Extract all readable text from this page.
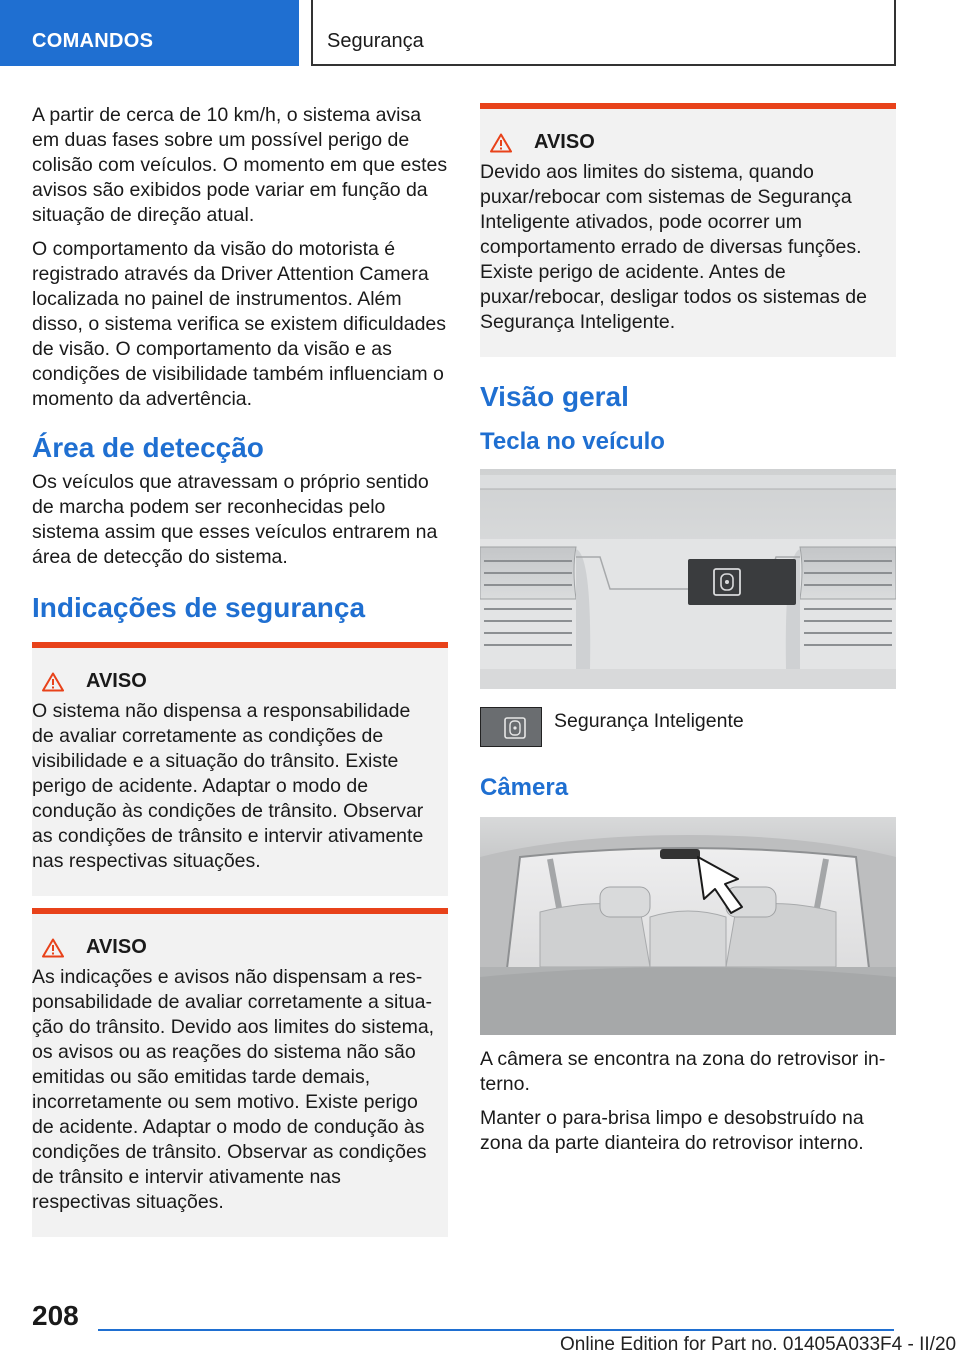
COMANDOS	Segurança

A partir de cerca de 10 km/h, o sistema avisa em duas fases sobre um possível perigo de colisão com veículos. O momento em que estes avisos são exibidos pode variar em função da situação de direção atual.

O comportamento da visão do motorista é registrado através da Driver Attention Camera localizada no painel de instrumentos. Além disso, o sistema verifica se existem dificuldades de visão. O comportamento da visão e as condições de visibilidade também influenciam o momento da advertência.

Área de detecção

Os veículos que atravessam o próprio sentido de marcha podem ser reconhecidas pelo sistema assim que esses veículos entrarem na área de detecção do sistema.

Indicações de segurança
AVISO

O sistema não dispensa a responsabilidade de avaliar corretamente as condições de visibilidade e a situação do trânsito. Existe perigo de acidente. Adaptar o modo de condução às condições de trânsito. Observar as condições de trânsito e intervir ativamente nas respectivas situações.

AVISO

As indicações e avisos não dispensam a responsabilidade de avaliar corretamente a situação do trânsito. Devido aos limites do sistema, os avisos ou as reações do sistema não são emitidas ou são emitidas tarde demais, incorretamente ou sem motivo. Existe perigo de acidente. Adaptar o modo de condução às condições de trânsito. Observar as condições de trânsito e intervir ativamente nas respectivas situações.

AVISO

Devido aos limites do sistema, quando puxar/rebocar com sistemas de Segurança Inteligente ativados, pode ocorrer um comportamento errado de diversas funções. Existe perigo de acidente. Antes de puxar/rebocar, desligar todos os sistemas de Segurança Inteligente.

Visão geral
Tecla no veículo
Segurança Inteligente
Câmera

A câmera se encontra na zona do retrovisor interno.

Manter o para-brisa limpo e desobstruído na zona da parte dianteira do retrovisor interno.

208
Online Edition for Part no. 01405A033F4 - II/20
